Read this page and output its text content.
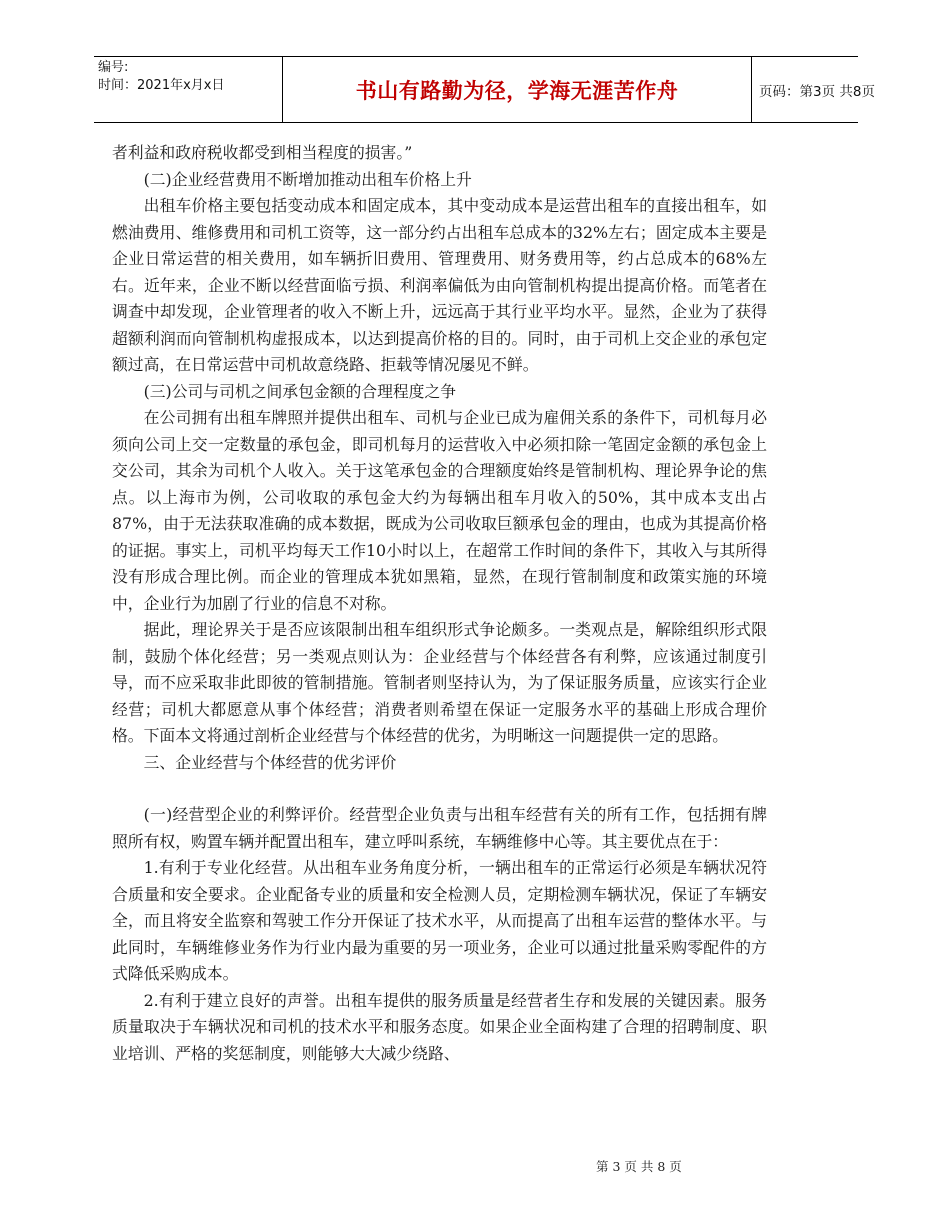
编号:
时间：2021年x月x日	书山有路勤为径，学海无涯苦作舟	页码：第3页 共8页

者利益和政府税收都受到相当程度的损害。”

(二)企业经营费用不断增加推动出租车价格上升

出租车价格主要包括变动成本和固定成本，其中变动成本是运营出租车的直接出租车，如燃油费用、维修费用和司机工资等，这一部分约占出租车总成本的32%左右；固定成本主要是企业日常运营的相关费用，如车辆折旧费用、管理费用、财务费用等，约占总成本的68%左右。近年来，企业不断以经营面临亏损、利润率偏低为由向管制机构提出提高价格。而笔者在调查中却发现，企业管理者的收入不断上升，远远高于其行业平均水平。显然，企业为了获得超额利润而向管制机构虚报成本，以达到提高价格的目的。同时，由于司机上交企业的承包定额过高，在日常运营中司机故意绕路、拒载等情况屡见不鲜。

(三)公司与司机之间承包金额的合理程度之争

在公司拥有出租车牌照并提供出租车、司机与企业已成为雇佣关系的条件下，司机每月必须向公司上交一定数量的承包金，即司机每月的运营收入中必须扣除一笔固定金额的承包金上交公司，其余为司机个人收入。关于这笔承包金的合理额度始终是管制机构、理论界争论的焦点。以上海市为例，公司收取的承包金大约为每辆出租车月收入的50%，其中成本支出占87%，由于无法获取准确的成本数据，既成为公司收取巨额承包金的理由，也成为其提高价格的证据。事实上，司机平均每天工作10小时以上，在超常工作时间的条件下，其收入与其所得没有形成合理比例。而企业的管理成本犹如黑箱，显然，在现行管制制度和政策实施的环境中，企业行为加剧了行业的信息不对称。

据此，理论界关于是否应该限制出租车组织形式争论颇多。一类观点是，解除组织形式限制，鼓励个体化经营；另一类观点则认为：企业经营与个体经营各有利弊，应该通过制度引导，而不应采取非此即彼的管制措施。管制者则坚持认为，为了保证服务质量，应该实行企业经营；司机大都愿意从事个体经营；消费者则希望在保证一定服务水平的基础上形成合理价格。下面本文将通过剖析企业经营与个体经营的优劣，为明晰这一问题提供一定的思路。

三、企业经营与个体经营的优劣评价

(一)经营型企业的利弊评价。经营型企业负责与出租车经营有关的所有工作，包括拥有牌照所有权，购置车辆并配置出租车，建立呼叫系统，车辆维修中心等。其主要优点在于：

1.有利于专业化经营。从出租车业务角度分析，一辆出租车的正常运行必须是车辆状况符合质量和安全要求。企业配备专业的质量和安全检测人员，定期检测车辆状况，保证了车辆安全，而且将安全监察和驾驶工作分开保证了技术水平，从而提高了出租车运营的整体水平。与此同时，车辆维修业务作为行业内最为重要的另一项业务，企业可以通过批量采购零配件的方式降低采购成本。

2.有利于建立良好的声誉。出租车提供的服务质量是经营者生存和发展的关键因素。服务质量取决于车辆状况和司机的技术水平和服务态度。如果企业全面构建了合理的招聘制度、职业培训、严格的奖惩制度，则能够大大减少绕路、

第 3 页 共 8 页
